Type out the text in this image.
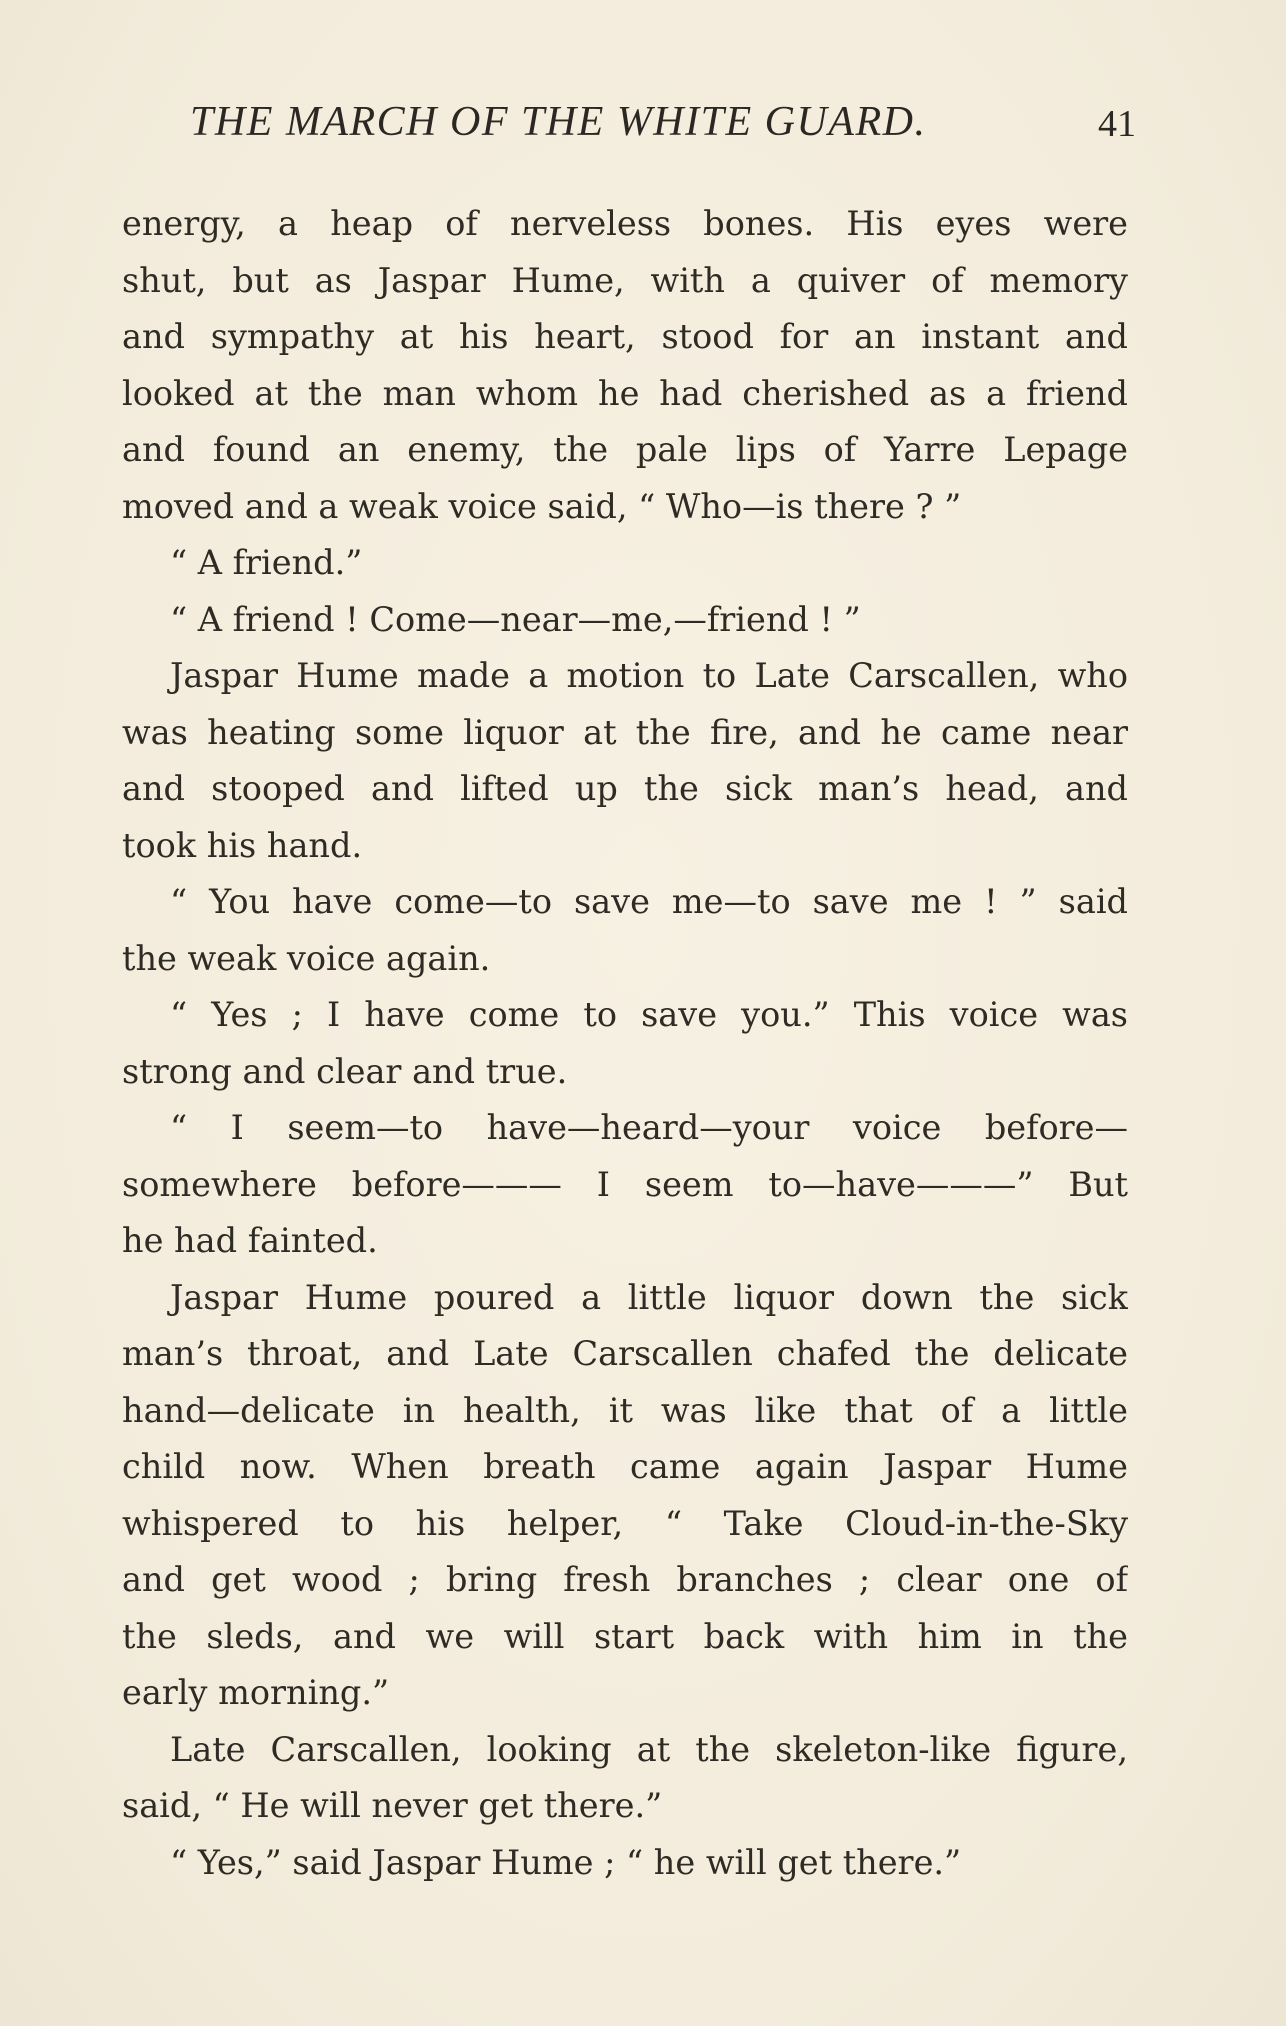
THE MARCH OF THE WHITE GUARD.	41
energy, a heap of nerveless bones. His eyes were
shut, but as Jaspar Hume, with a quiver of memory
and sympathy at his heart, stood for an instant and
looked at the man whom he had cherished as a friend
and found an enemy, the pale lips of Yarre Lepage
moved and a weak voice said, “ Who—is there ? ”
“ A friend.”
“ A friend ! Come—near—me,—friend ! ”
Jaspar Hume made a motion to Late Carscallen, who
was heating some liquor at the fire, and he came near
and stooped and lifted up the sick man’s head, and
took his hand.
“ You have come—to save me—to save me ! ” said
the weak voice again.
“ Yes ; I have come to save you.” This voice was
strong and clear and true.
“ I seem—to have—heard—your voice before—
somewhere before——— I seem to—have———” But
he had fainted.
Jaspar Hume poured a little liquor down the sick
man’s throat, and Late Carscallen chafed the delicate
hand—delicate in health, it was like that of a little
child now. When breath came again Jaspar Hume
whispered to his helper, “ Take Cloud-in-the-Sky
and get wood ; bring fresh branches ; clear one of
the sleds, and we will start back with him in the
early morning.”
Late Carscallen, looking at the skeleton-like figure,
said, “ He will never get there.”
“ Yes,” said Jaspar Hume ; “ he will get there.”
